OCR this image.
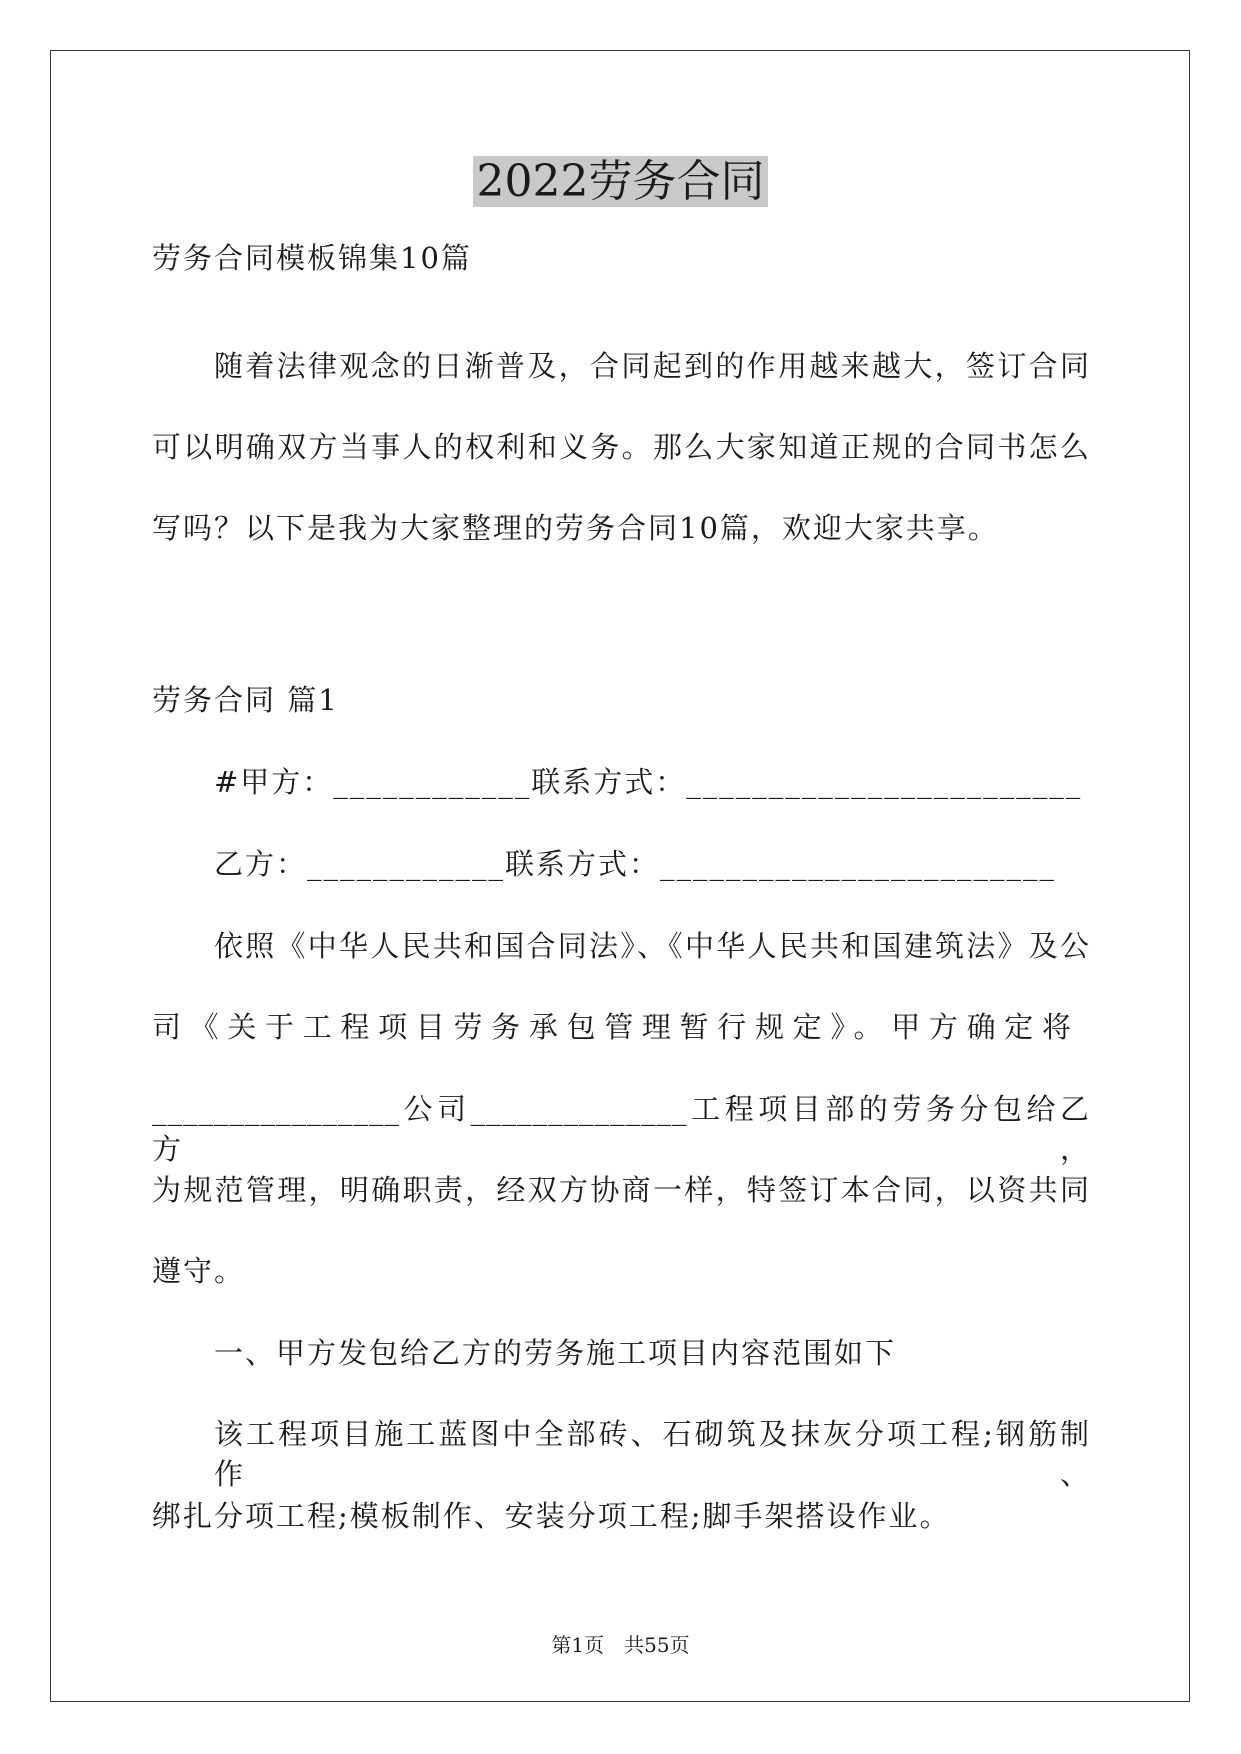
2022劳务合同
劳务合同模板锦集10篇
随着法律观念的日渐普及，合同起到的作用越来越大，签订合同
可以明确双方当事人的权利和义务。那么大家知道正规的合同书怎么
写吗？以下是我为大家整理的劳务合同10篇，欢迎大家共享。
劳务合同 篇1
#甲方：____________联系方式：________________________
乙方：____________联系方式：________________________
依照《中华人民共和国合同法》、《中华人民共和国建筑法》及公
司《关于工程项目劳务承包管理暂行规定》。甲方确定将
________________公司______________工程项目部的劳务分包给乙方，
为规范管理，明确职责，经双方协商一样，特签订本合同，以资共同
遵守。
一、甲方发包给乙方的劳务施工项目内容范围如下
该工程项目施工蓝图中全部砖、石砌筑及抹灰分项工程;钢筋制作、
绑扎分项工程;模板制作、安装分项工程;脚手架搭设作业。
第1页　共55页
